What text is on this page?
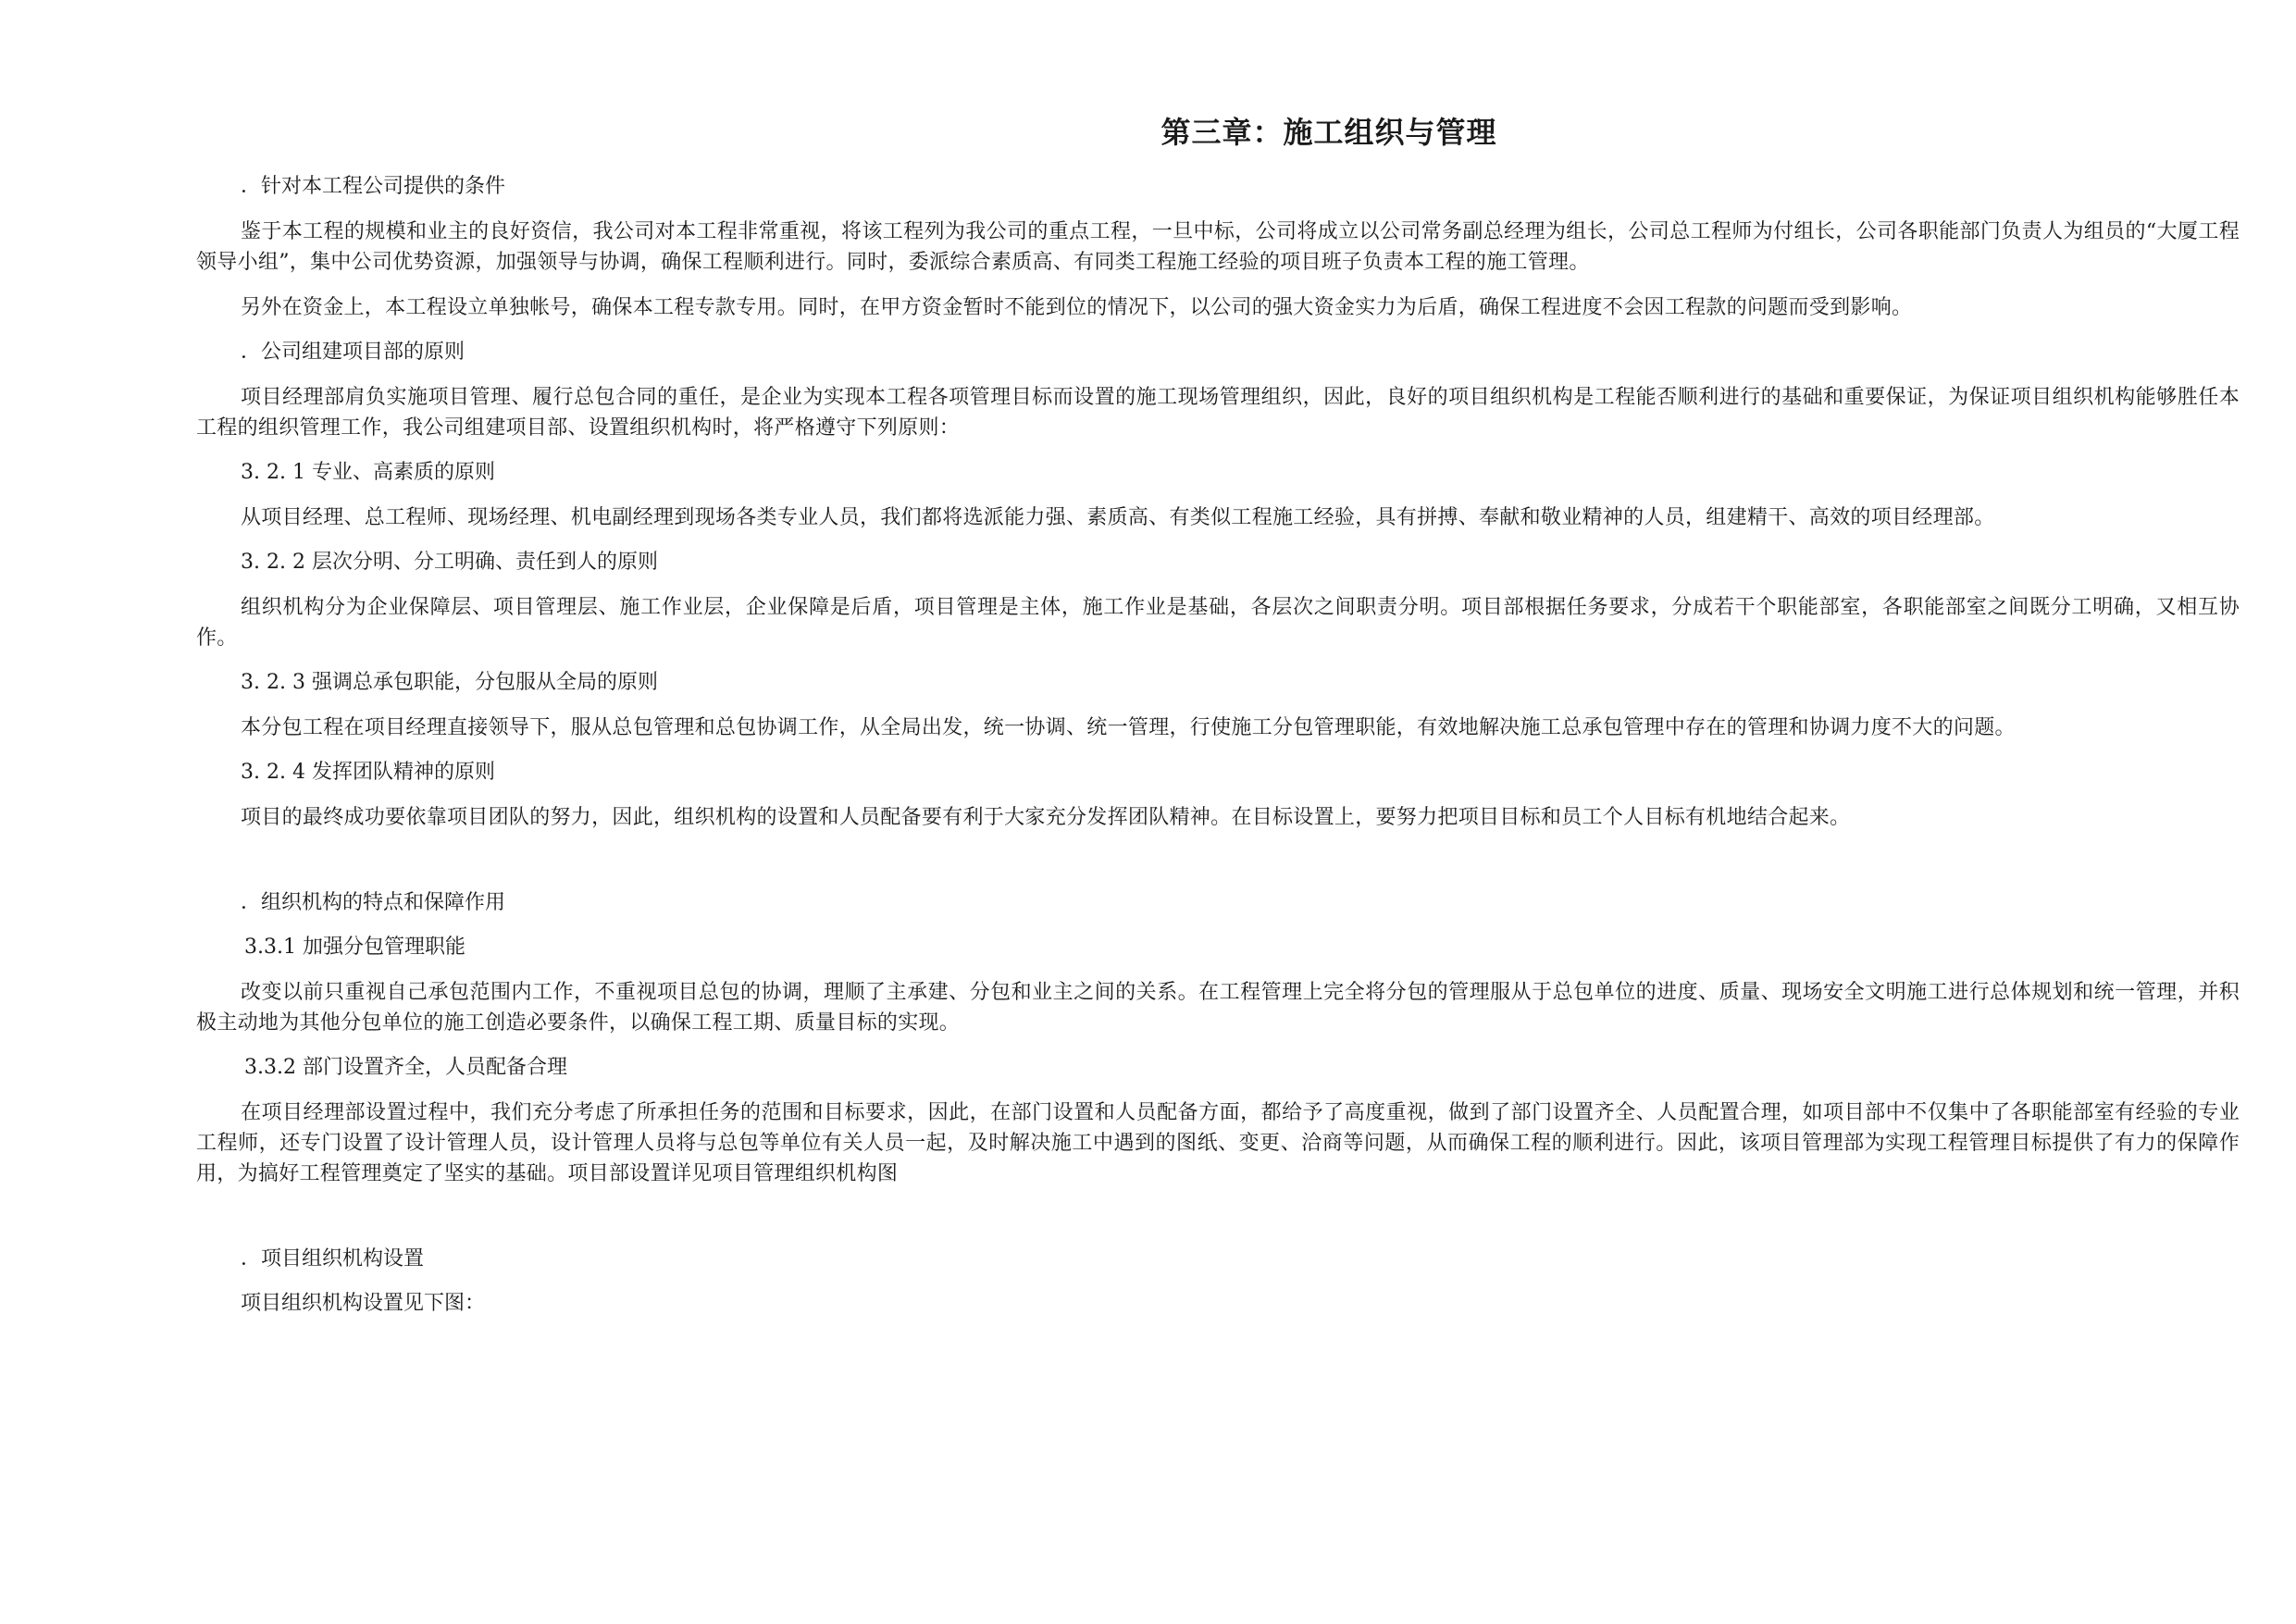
第三章：施工组织与管理
．针对本工程公司提供的条件
鉴于本工程的规模和业主的良好资信，我公司对本工程非常重视，将该工程列为我公司的重点工程，一旦中标，公司将成立以公司常务副总经理为组长，公司总工程师为付组长，公司各职能部门负责人为组员的“大厦工程领导小组”，集中公司优势资源，加强领导与协调，确保工程顺利进行。同时，委派综合素质高、有同类工程施工经验的项目班子负责本工程的施工管理。
另外在资金上，本工程设立单独帐号，确保本工程专款专用。同时，在甲方资金暂时不能到位的情况下，以公司的强大资金实力为后盾，确保工程进度不会因工程款的问题而受到影响。
．公司组建项目部的原则
项目经理部肩负实施项目管理、履行总包合同的重任，是企业为实现本工程各项管理目标而设置的施工现场管理组织，因此，良好的项目组织机构是工程能否顺利进行的基础和重要保证，为保证项目组织机构能够胜任本工程的组织管理工作，我公司组建项目部、设置组织机构时，将严格遵守下列原则：
3. 2. 1 专业、高素质的原则
从项目经理、总工程师、现场经理、机电副经理到现场各类专业人员，我们都将选派能力强、素质高、有类似工程施工经验，具有拼搏、奉献和敬业精神的人员，组建精干、高效的项目经理部。
3. 2. 2 层次分明、分工明确、责任到人的原则
组织机构分为企业保障层、项目管理层、施工作业层，企业保障是后盾，项目管理是主体，施工作业是基础，各层次之间职责分明。项目部根据任务要求，分成若干个职能部室，各职能部室之间既分工明确，又相互协作。
3. 2. 3 强调总承包职能，分包服从全局的原则
本分包工程在项目经理直接领导下，服从总包管理和总包协调工作，从全局出发，统一协调、统一管理，行使施工分包管理职能，有效地解决施工总承包管理中存在的管理和协调力度不大的问题。
3. 2. 4 发挥团队精神的原则
项目的最终成功要依靠项目团队的努力，因此，组织机构的设置和人员配备要有利于大家充分发挥团队精神。在目标设置上，要努力把项目目标和员工个人目标有机地结合起来。
．组织机构的特点和保障作用
3.3.1 加强分包管理职能
改变以前只重视自己承包范围内工作，不重视项目总包的协调，理顺了主承建、分包和业主之间的关系。在工程管理上完全将分包的管理服从于总包单位的进度、质量、现场安全文明施工进行总体规划和统一管理，并积极主动地为其他分包单位的施工创造必要条件，以确保工程工期、质量目标的实现。
3.3.2 部门设置齐全，人员配备合理
在项目经理部设置过程中，我们充分考虑了所承担任务的范围和目标要求，因此，在部门设置和人员配备方面，都给予了高度重视，做到了部门设置齐全、人员配置合理，如项目部中不仅集中了各职能部室有经验的专业工程师，还专门设置了设计管理人员，设计管理人员将与总包等单位有关人员一起，及时解决施工中遇到的图纸、变更、洽商等问题，从而确保工程的顺利进行。因此，该项目管理部为实现工程管理目标提供了有力的保障作用，为搞好工程管理奠定了坚实的基础。项目部设置详见项目管理组织机构图
．项目组织机构设置
项目组织机构设置见下图：
